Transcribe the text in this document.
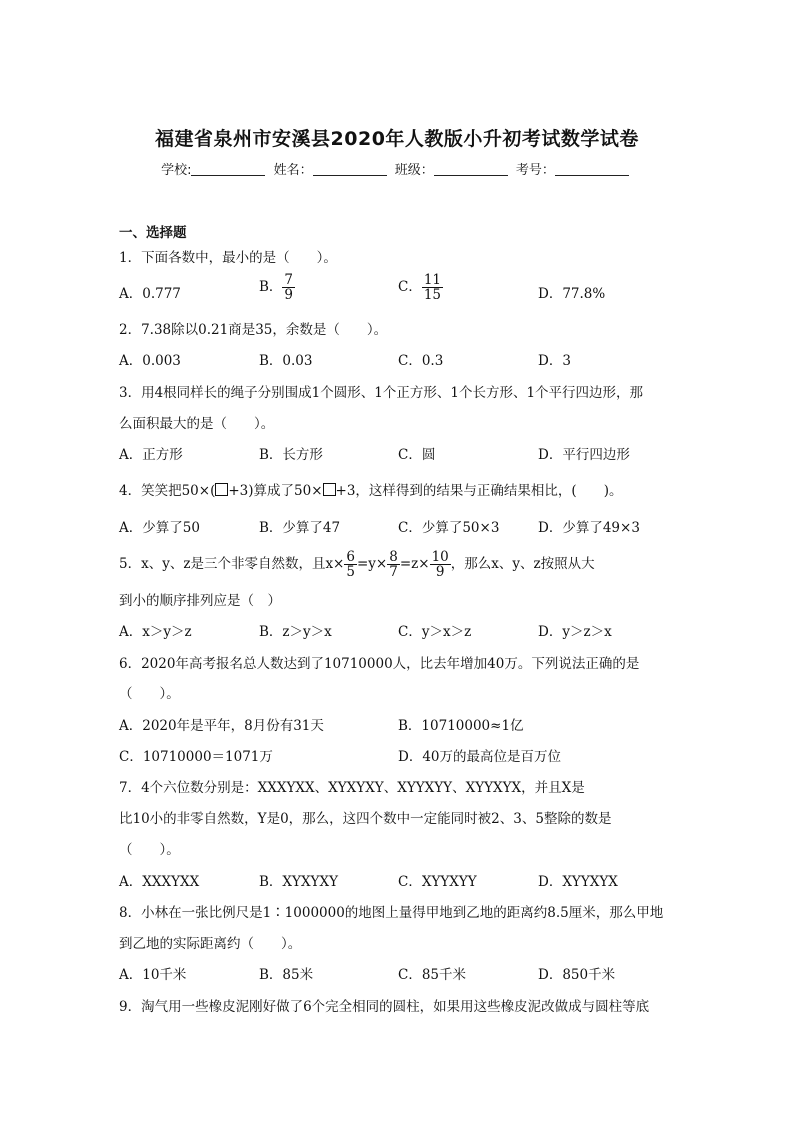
福建省泉州市安溪县2020年人教版小升初考试数学试卷
学校:	姓名：	班级：	考号：
一、选择题
1．下面各数中，最小的是（　　）。
A．0.777	B． $\frac{7}{9}$	C． $\frac{11}{15}$	D．77.8%
2．7.38除以0.21商是35，余数是（　　）。
A．0.003	B．0.03	C．0.3	D．3
3．用4根同样长的绳子分别围成1个圆形、1个正方形、1个长方形、1个平行四边形，那
么面积最大的是（　　）。
A．正方形	B．长方形	C．圆	D．平行四边形
4．笑笑把50×( +3)算成了50× +3，这样得到的结果与正确结果相比，(　　)。
A．少算了50	B．少算了47	C．少算了50×3	D．少算了49×3
5．x、y、z是三个非零自然数，且$x\times \frac{6}{5} =y\times \frac{8}{7} =z\times \frac{10}{9}$ ，那么x、y、z按照从大
到小的顺序排列应是（　）
A．x＞y＞z	B．z＞y＞x	C．y＞x＞z	D．y＞z＞x
6．2020年高考报名总人数达到了10710000人，比去年增加40万。下列说法正确的是
（　　）。
A．2020年是平年，8月份有31天	B．10710000≈1亿
C．10710000＝1071万	D．40万的最高位是百万位
7．4个六位数分别是：XXXYXX、XYXYXY、XYYXYY、XYYXYX，并且X是
比10小的非零自然数，Y是0，那么，这四个数中一定能同时被2、3、5整除的数是
（　　）。
A．XXXYXX	B．XYXYXY	C．XYYXYY	D．XYYXYX
8．小林在一张比例尺是1∶1000000的地图上量得甲地到乙地的距离约8.5厘米，那么甲地
到乙地的实际距离约（　　）。
A．10千米	B．85米	C．85千米	D．850千米
9．淘气用一些橡皮泥刚好做了6个完全相同的圆柱，如果用这些橡皮泥改做成与圆柱等底
